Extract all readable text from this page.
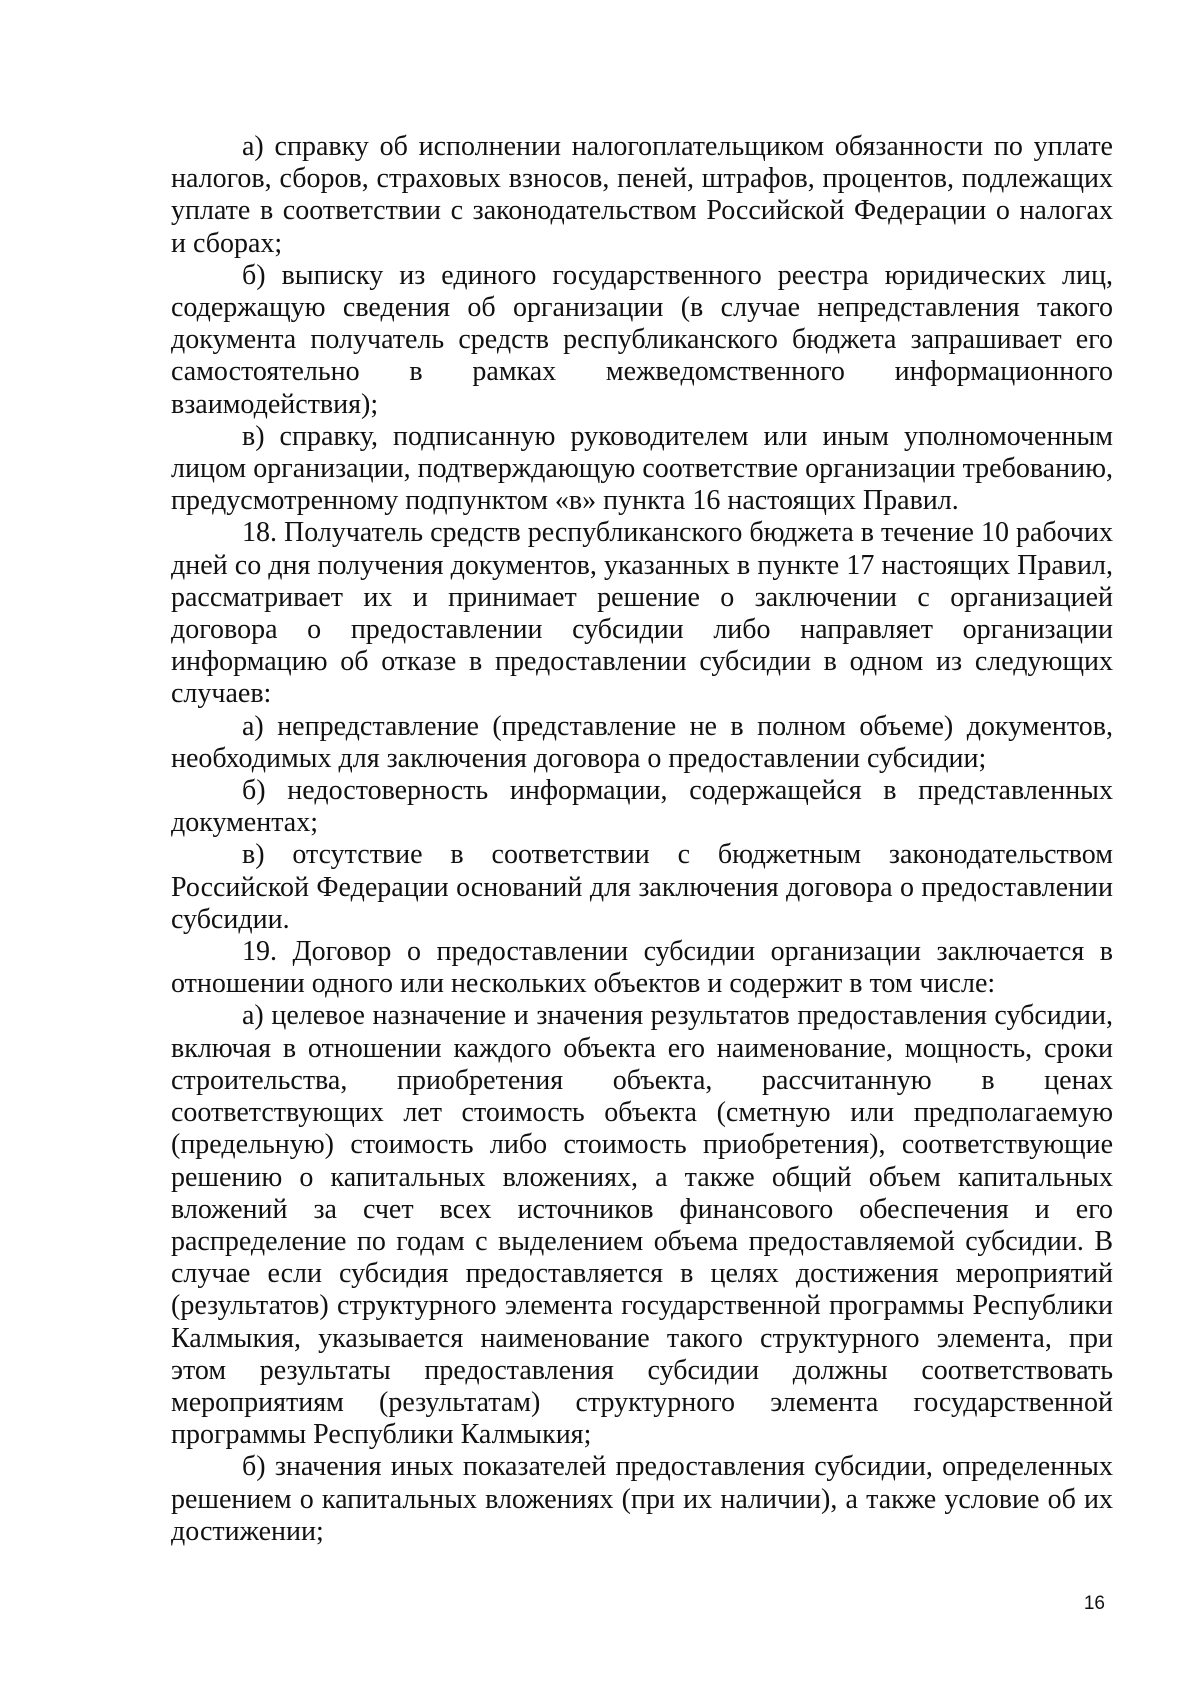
а) справку об исполнении налогоплательщиком обязанности по уплате налогов, сборов, страховых взносов, пеней, штрафов, процентов, подлежащих уплате в соответствии с законодательством Российской Федерации о налогах и сборах;

б) выписку из единого государственного реестра юридических лиц, содержащую сведения об организации (в случае непредставления такого документа получатель средств республиканского бюджета запрашивает его самостоятельно в рамках межведомственного информационного взаимодействия);

в) справку, подписанную руководителем или иным уполномоченным лицом организации, подтверждающую соответствие организации требованию, предусмотренному подпунктом «в» пункта 16 настоящих Правил.

18. Получатель средств республиканского бюджета в течение 10 рабочих дней со дня получения документов, указанных в пункте 17 настоящих Правил, рассматривает их и принимает решение о заключении с организацией договора о предоставлении субсидии либо направляет организации информацию об отказе в предоставлении субсидии в одном из следующих случаев:

а) непредставление (представление не в полном объеме) документов, необходимых для заключения договора о предоставлении субсидии;

б) недостоверность информации, содержащейся в представленных документах;

в) отсутствие в соответствии с бюджетным законодательством Российской Федерации оснований для заключения договора о предоставлении субсидии.

19. Договор о предоставлении субсидии организации заключается в отношении одного или нескольких объектов и содержит в том числе:

а) целевое назначение и значения результатов предоставления субсидии, включая в отношении каждого объекта его наименование, мощность, сроки строительства, приобретения объекта, рассчитанную в ценах соответствующих лет стоимость объекта (сметную или предполагаемую (предельную) стоимость либо стоимость приобретения), соответствующие решению о капитальных вложениях, а также общий объем капитальных вложений за счет всех источников финансового обеспечения и его распределение по годам с выделением объема предоставляемой субсидии. В случае если субсидия предоставляется в целях достижения мероприятий (результатов) структурного элемента государственной программы Республики Калмыкия, указывается наименование такого структурного элемента, при этом результаты предоставления субсидии должны соответствовать мероприятиям (результатам) структурного элемента государственной программы Республики Калмыкия;

б) значения иных показателей предоставления субсидии, определенных решением о капитальных вложениях (при их наличии), а также условие об их достижении;

16
